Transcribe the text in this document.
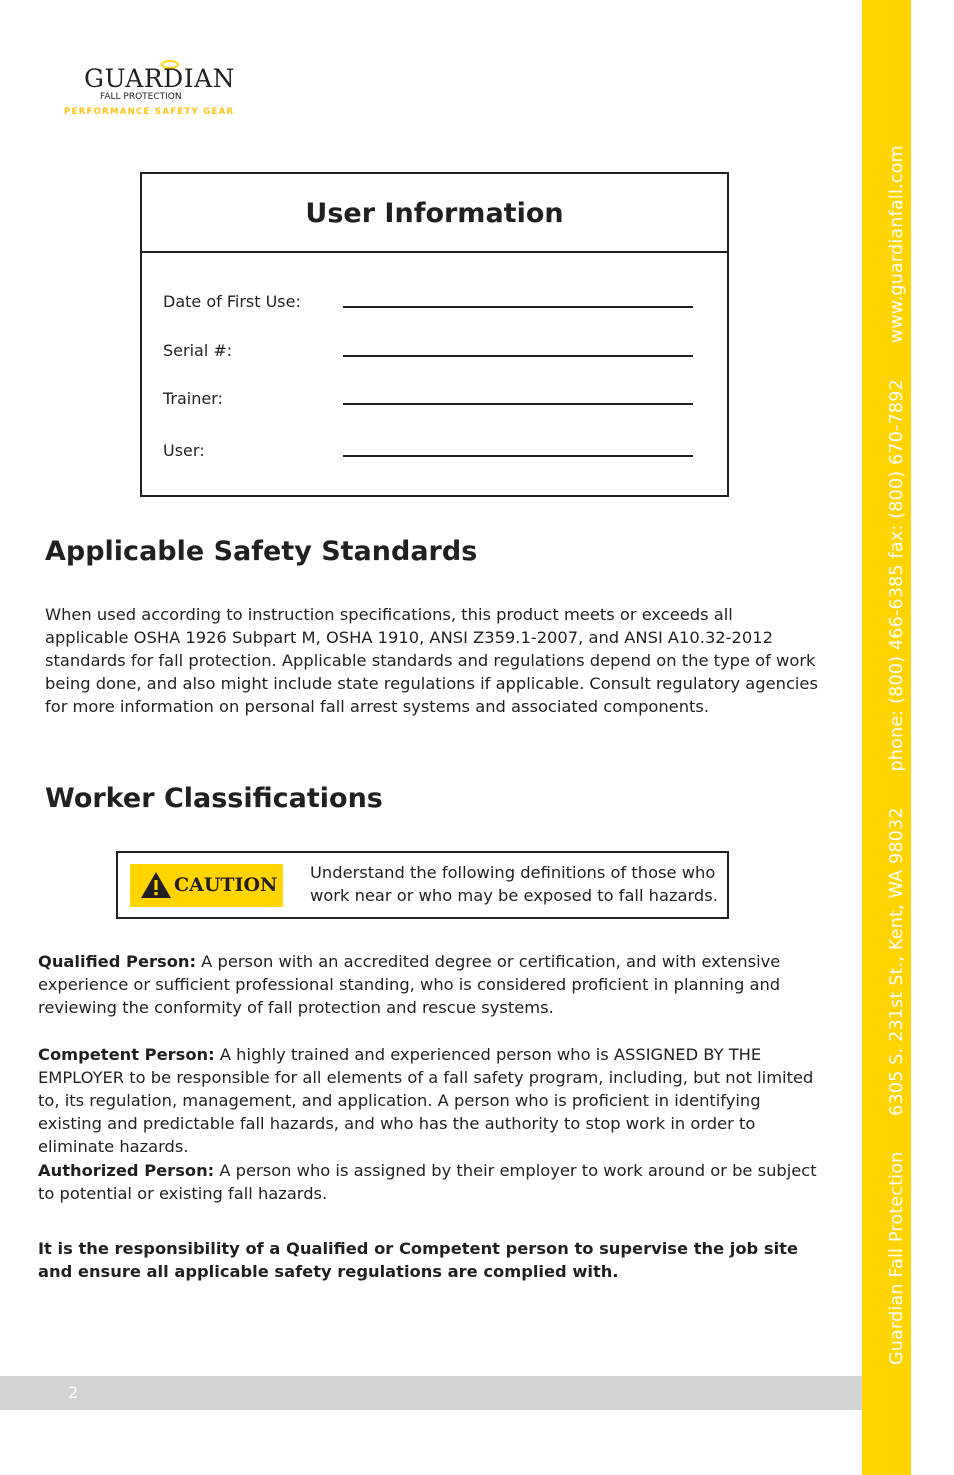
Guardian Fall Protection 6305 S. 231st St., Kent, WA 98032 phone: (800) 466-6385 fax: (800) 670-7892 www.guardianfall.com
GUARDIAN
FALL PROTECTION
PERFORMANCE SAFETY GEAR
User Information
Date of First Use:
Serial #:
Trainer:
User:
Applicable Safety Standards

When used according to instruction specifications, this product meets or exceeds all applicable OSHA 1926 Subpart M, OSHA 1910, ANSI Z359.1-2007, and ANSI A10.32-2012 standards for fall protection. Applicable standards and regulations depend on the type of work being done, and also might include state regulations if applicable. Consult regulatory agencies for more information on personal fall arrest systems and associated components.

Worker Classifications
CAUTION
Understand the following definitions of those who work near or who may be exposed to fall hazards.

Qualified Person: A person with an accredited degree or certification, and with extensive experience or sufficient professional standing, who is considered proficient in planning and reviewing the conformity of fall protection and rescue systems.

Competent Person: A highly trained and experienced person who is ASSIGNED BY THE EMPLOYER to be responsible for all elements of a fall safety program, including, but not limited to, its regulation, management, and application. A person who is proficient in identifying existing and predictable fall hazards, and who has the authority to stop work in order to eliminate hazards.

Authorized Person: A person who is assigned by their employer to work around or be subject to potential or existing fall hazards.

It is the responsibility of a Qualified or Competent person to supervise the job site and ensure all applicable safety regulations are complied with.

2
